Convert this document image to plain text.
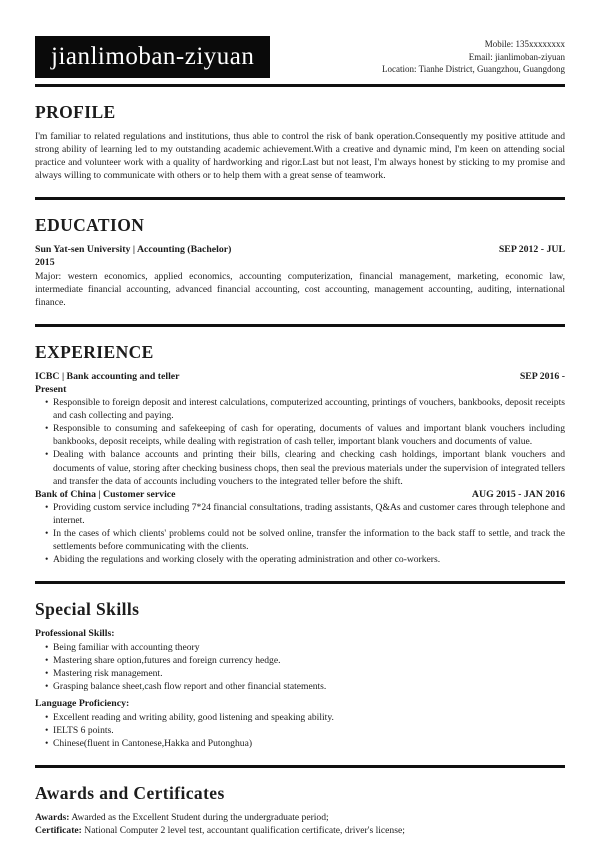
jianlimoban-ziyuan	Mobile: 135xxxxxxxx
Email: jianlimoban-ziyuan
Location: Tianhe District, Guangzhou, Guangdong
PROFILE

I'm familiar to related regulations and institutions, thus able to control the risk of bank operation.Consequently my positive attitude and strong ability of learning led to my outstanding academic achievement.With a creative and dynamic mind, I'm keen on attending social practice and volunteer work with a quality of hardworking and rigor.Last but not least, I'm always honest by sticking to my promise and always willing to communicate with others or to help them with a great sense of teamwork.

EDUCATION
Sun Yat-sen University | Accounting (Bachelor)	SEP 2012 - JUL
2015

Major: western economics, applied economics, accounting computerization, financial management, marketing, economic law, intermediate financial accounting, advanced financial accounting, cost accounting, management accounting, auditing, international finance.

EXPERIENCE
ICBC | Bank accounting and teller	SEP 2016 -
Present
•
Responsible to foreign deposit and interest calculations, computerized accounting, printings of vouchers, bankbooks, deposit receipts and cash collecting and paying.
•
Responsible to consuming and safekeeping of cash for operating, documents of values and important blank vouchers including bankbooks, deposit receipts, while dealing with registration of cash teller, important blank vouchers and documents of value.
•
Dealing with balance accounts and printing their bills, clearing and checking cash holdings, important blank vouchers and documents of value, storing after checking business chops, then seal the previous materials under the supervision of integrated tellers and transfer the data of accounts including vouchers to the integrated teller before the shift.
Bank of China | Customer service	AUG 2015 - JAN 2016
•
Providing custom service including 7*24 financial consultations, trading assistants, Q&As and customer cares through telephone and internet.
•
In the cases of which clients' problems could not be solved online, transfer the information to the back staff to settle, and track the settlements before communicating with the clients.
•
Abiding the regulations and working closely with the operating administration and other co-workers.
Special Skills
Professional Skills:
•
Being familiar with accounting theory
•
Mastering share option,futures and foreign currency hedge.
•
Mastering risk management.
•
Grasping balance sheet,cash flow report and other financial statements.
Language Proficiency:
•
Excellent reading and writing ability, good listening and speaking ability.
•
IELTS 6 points.
•
Chinese(fluent in Cantonese,Hakka and Putonghua)
Awards and Certificates

Awards: Awarded as the Excellent Student during the undergraduate period;

Certificate: National Computer 2 level test, accountant qualification certificate, driver's license;
